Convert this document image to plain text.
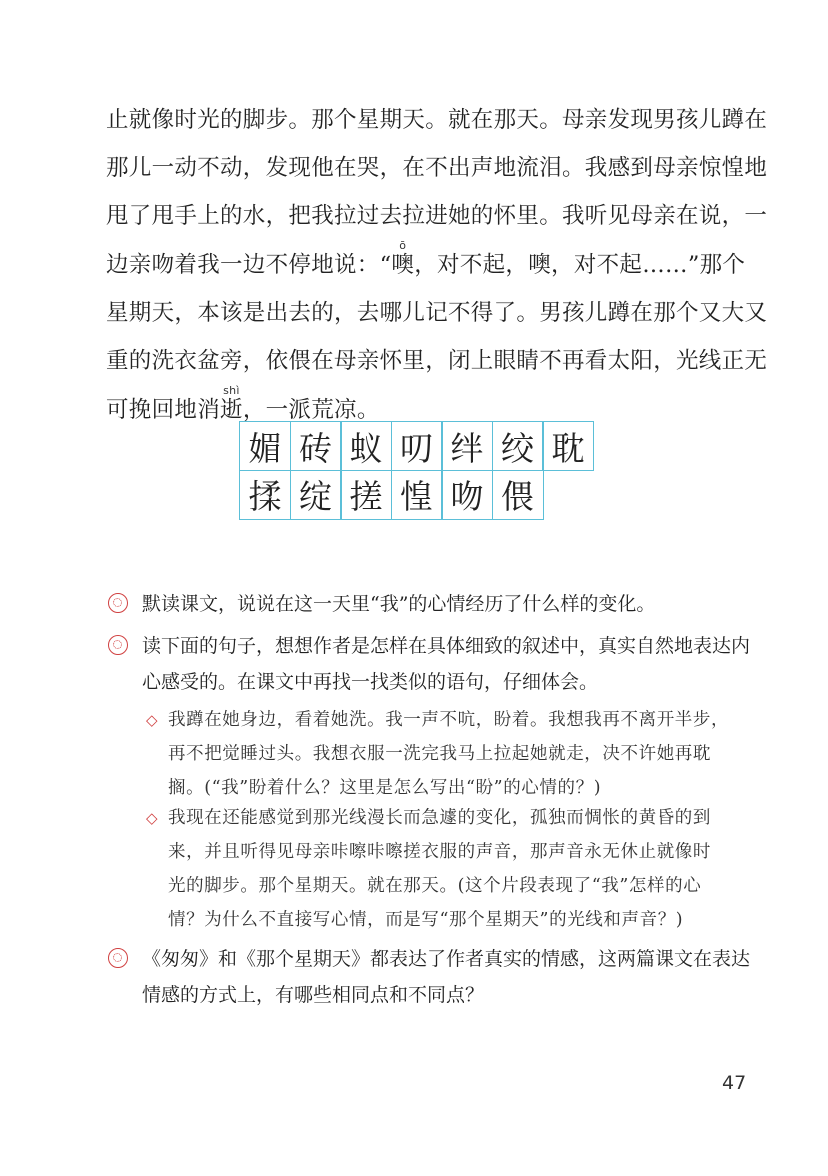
止就像时光的脚步。那个星期天。就在那天。母亲发现男孩儿蹲在

那儿一动不动，发现他在哭，在不出声地流泪。我感到母亲惊惶地

甩了甩手上的水，把我拉过去拉进她的怀里。我听见母亲在说，一

边亲吻着我一边不停地说：“噢ō，对不起，噢，对不起……”那个

星期天，本该是出去的，去哪儿记不得了。男孩儿蹲在那个又大又

重的洗衣盆旁，依偎在母亲怀里，闭上眼睛不再看太阳，光线正无

可挽回地消逝shì，一派荒凉。

媚 砖 蚁 叨 绊 绞 耽
揉 绽 搓 惶 吻 偎
默读课文，说说在这一天里“我”的心情经历了什么样的变化。
读下面的句子，想想作者是怎样在具体细致的叙述中，真实自然地表达内
心感受的。在课文中再找一找类似的语句，仔细体会。
◇ 我蹲在她身边，看着她洗。我一声不吭，盼着。我想我再不离开半步，
再不把觉睡过头。我想衣服一洗完我马上拉起她就走，决不许她再耽
搁。(“我”盼着什么？这里是怎么写出“盼”的心情的？)
◇ 我现在还能感觉到那光线漫长而急遽的变化，孤独而惆怅的黄昏的到
来，并且听得见母亲咔嚓咔嚓搓衣服的声音，那声音永无休止就像时
光的脚步。那个星期天。就在那天。(这个片段表现了“我”怎样的心
情？为什么不直接写心情，而是写“那个星期天”的光线和声音？)
《匆匆》和《那个星期天》都表达了作者真实的情感，这两篇课文在表达
情感的方式上，有哪些相同点和不同点？
47
